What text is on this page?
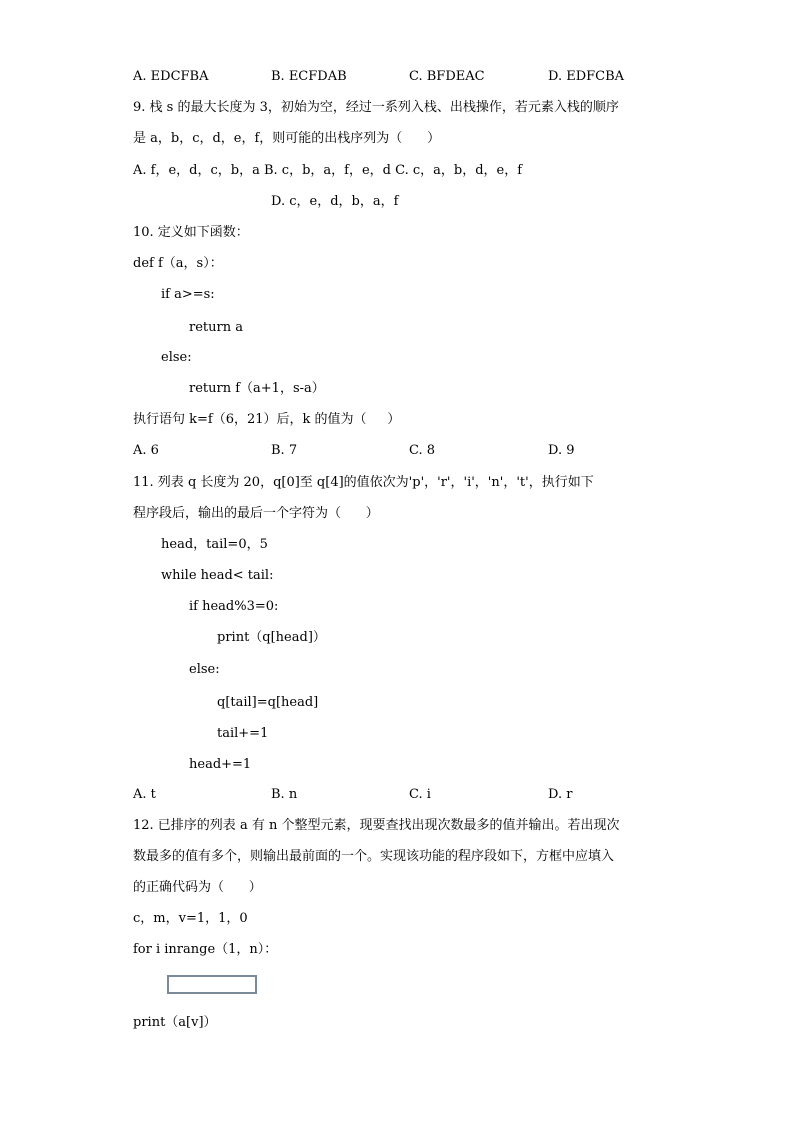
A. EDCFBA	B. ECFDAB	C. BFDEAC	D. EDFCBA
9. 栈 s 的最大长度为 3，初始为空，经过一系列入栈、出栈操作，若元素入栈的顺序
是 a，b，c，d，e，f，则可能的出栈序列为（      ）
A. f，e，d，c，b，a B. c，b，a，f，e，d C. c，a，b，d，e，f
D. c，e，d，b，a，f
10. 定义如下函数：
def f（a，s）：
if a>=s:
return a
else:
return f（a+1，s-a）
执行语句 k=f（6，21）后，k 的值为（     ）
A. 6	B. 7	C. 8	D. 9
11. 列表 q 长度为 20，q[0]至 q[4]的值依次为'p'，'r'，'i'，'n'，'t'，执行如下
程序段后，输出的最后一个字符为（      ）
head，tail=0，5
while head< tail:
if head%3=0:
print（q[head]）
else:
q[tail]=q[head]
tail+=1
head+=1
A. t	B. n	C. i	D. r
12. 已排序的列表 a 有 n 个整型元素，现要查找出现次数最多的值并输出。若出现次
数最多的值有多个，则输出最前面的一个。实现该功能的程序段如下，方框中应填入
的正确代码为（      ）
c，m，v=1，1，0
for i inrange（1，n）：
print（a[v]）
